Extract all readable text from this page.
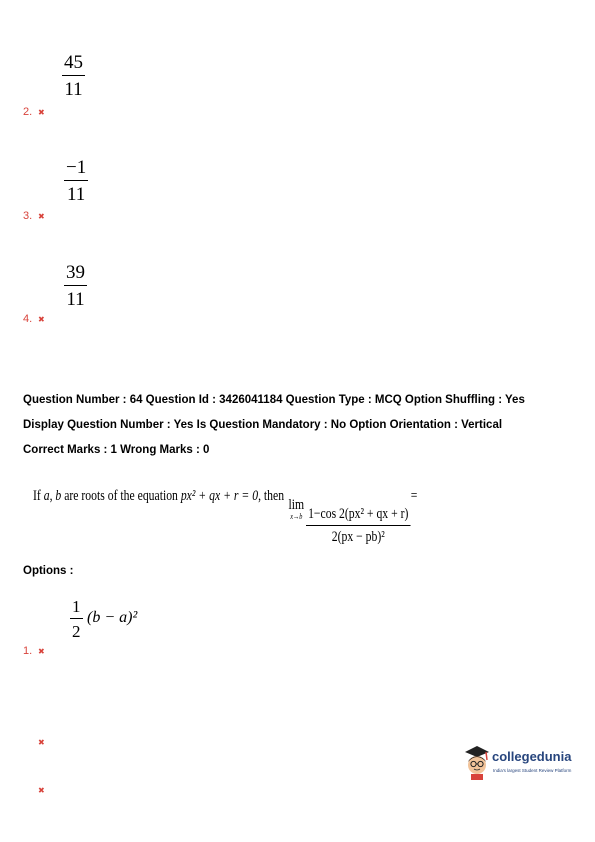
45
11
2. ✖
−1
11
3. ✖
39
11
4. ✖
Question Number : 64 Question Id : 3426041184 Question Type : MCQ Option Shuffling : Yes
Display Question Number : Yes Is Question Mandatory : No Option Orientation : Vertical
Correct Marks : 1 Wrong Marks : 0
If a, b are roots of the equation px² + qx + r = 0, then
lim
$x\to b \frac{\text{1−cos 2(px² + qx + r)}}{\text{2(px − pb)²}}$
=
Options :
1
2
(b − a)²
1. ✖
✖
✖
collegedunia
India's largest Student Review Platform
